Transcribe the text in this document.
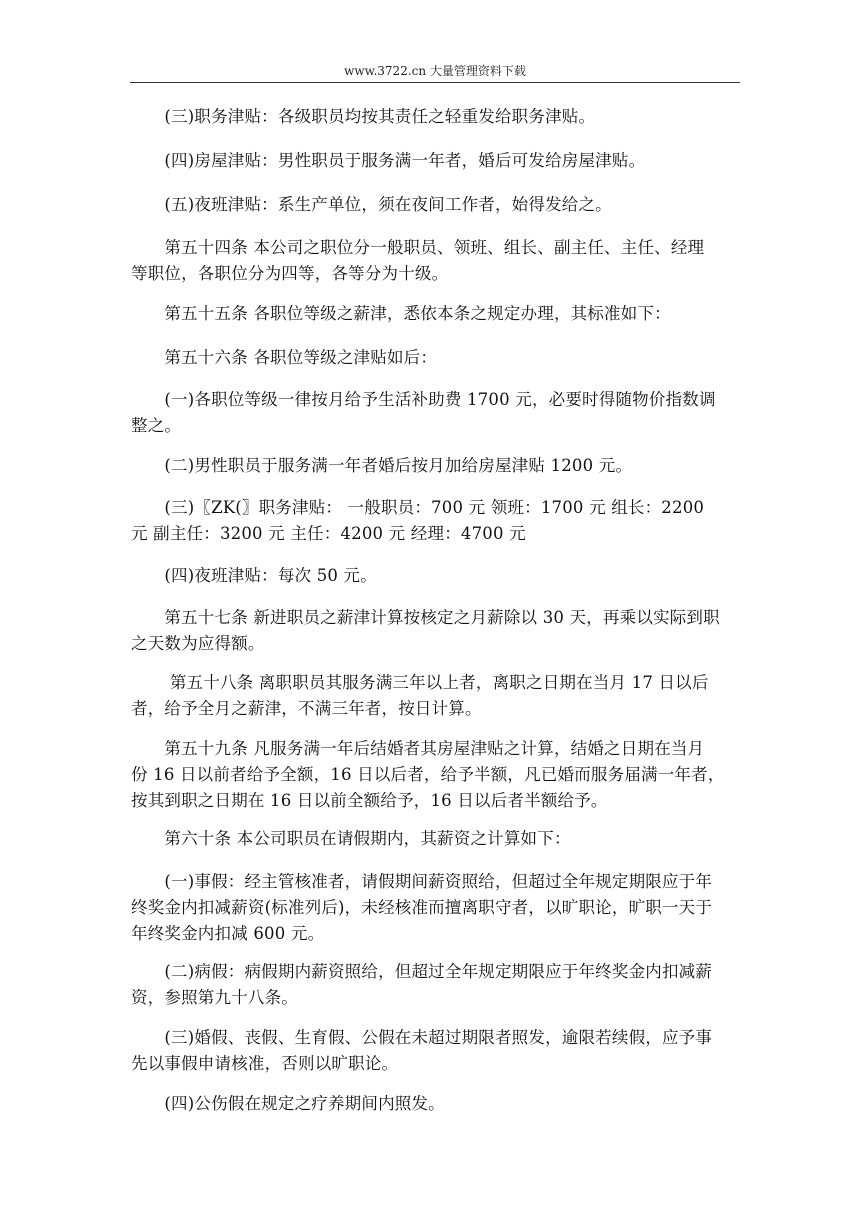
www.3722.cn 大量管理资料下载
　　(三)职务津贴：各级职员均按其责任之轻重发给职务津贴。
　　(四)房屋津贴：男性职员于服务满一年者，婚后可发给房屋津贴。
　　(五)夜班津贴：系生产单位，须在夜间工作者，始得发给之。
　　第五十四条 本公司之职位分一般职员、领班、组长、副主任、主任、经理
等职位，各职位分为四等，各等分为十级。
　　第五十五条 各职位等级之薪津，悉依本条之规定办理，其标准如下：
　　第五十六条 各职位等级之津贴如后：
　　(一)各职位等级一律按月给予生活补助费 1700 元，必要时得随物价指数调
整之。
　　(二)男性职员于服务满一年者婚后按月加给房屋津贴 1200 元。
　　(三)〖ZK(〗职务津贴： 一般职员：700 元 领班：1700 元 组长：2200
元 副主任：3200 元 主任：4200 元 经理：4700 元
　　(四)夜班津贴：每次 50 元。
　　第五十七条 新进职员之薪津计算按核定之月薪除以 30 天，再乘以实际到职
之天数为应得额。
　　 第五十八条 离职职员其服务满三年以上者，离职之日期在当月 17 日以后
者，给予全月之薪津，不满三年者，按日计算。
　　第五十九条 凡服务满一年后结婚者其房屋津贴之计算，结婚之日期在当月
份 16 日以前者给予全额，16 日以后者，给予半额，凡已婚而服务届满一年者，
按其到职之日期在 16 日以前全额给予，16 日以后者半额给予。
　　第六十条 本公司职员在请假期内，其薪资之计算如下：
　　(一)事假：经主管核准者，请假期间薪资照给，但超过全年规定期限应于年
终奖金内扣减薪资(标准列后)，未经核准而擅离职守者，以旷职论，旷职一天于
年终奖金内扣减 600 元。
　　(二)病假：病假期内薪资照给，但超过全年规定期限应于年终奖金内扣减薪
资，参照第九十八条。
　　(三)婚假、丧假、生育假、公假在未超过期限者照发，逾限若续假，应予事
先以事假申请核准，否则以旷职论。
　　(四)公伤假在规定之疗养期间内照发。
